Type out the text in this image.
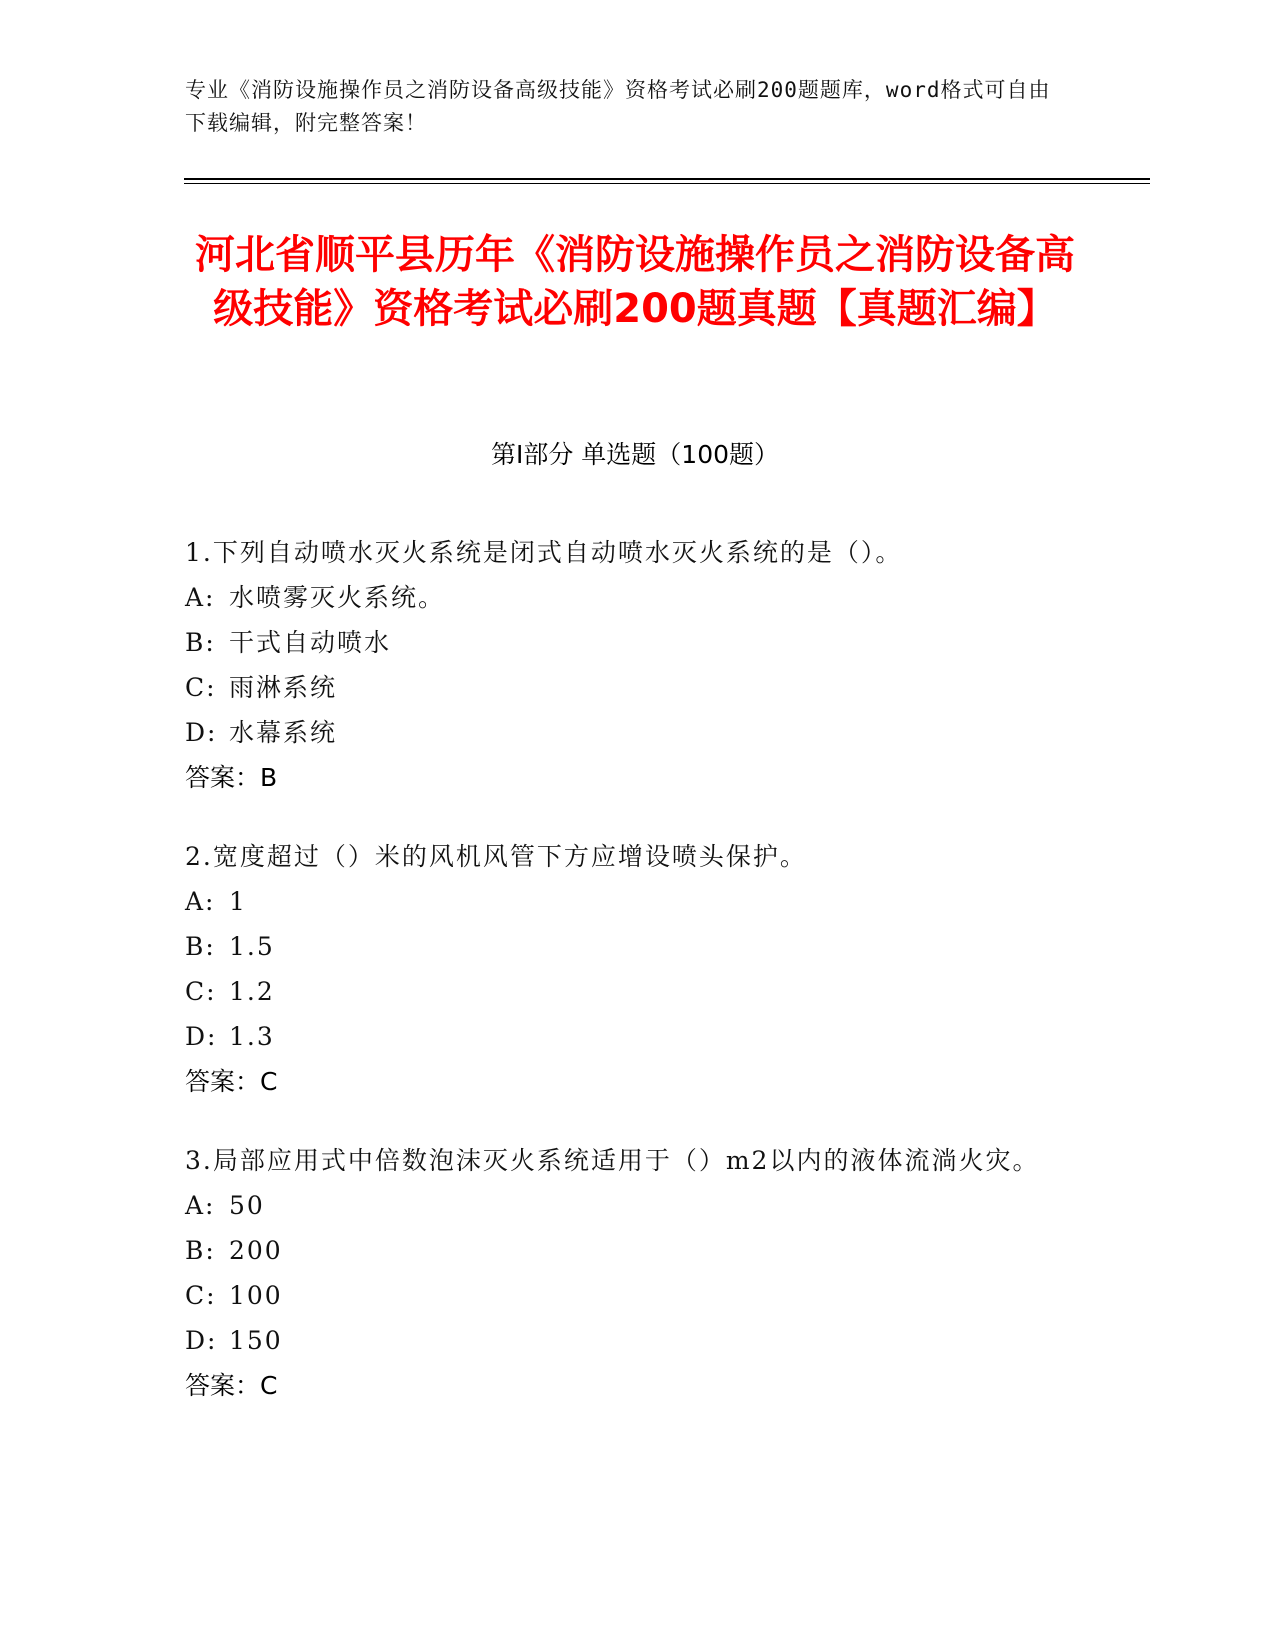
专业《消防设施操作员之消防设备高级技能》资格考试必刷200题题库，word格式可自由下载编辑，附完整答案！
河北省顺平县历年《消防设施操作员之消防设备高级技能》资格考试必刷200题真题【真题汇编】
第Ⅰ部分 单选题（100题）

1.下列自动喷水灭火系统是闭式自动喷水灭火系统的是（）。

A: 水喷雾灭火系统。

B: 干式自动喷水

C: 雨淋系统

D: 水幕系统

答案：B

2.宽度超过（）米的风机风管下方应增设喷头保护。

A: 1

B: 1.5

C: 1.2

D: 1.3

答案：C

3.局部应用式中倍数泡沫灭火系统适用于（）m2以内的液体流淌火灾。

A: 50

B: 200

C: 100

D: 150

答案：C
